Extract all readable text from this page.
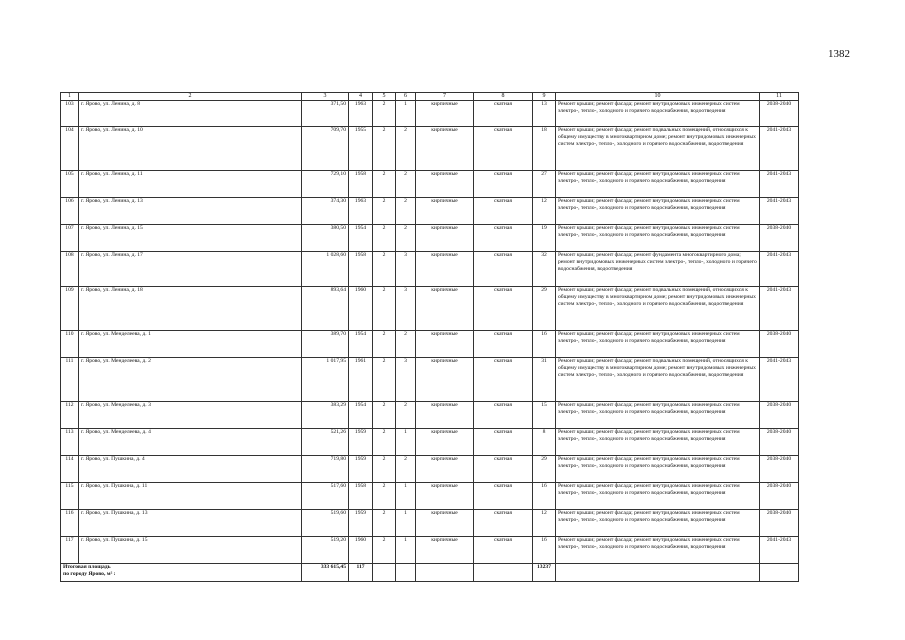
1382
1	2	3	4	5	6	7	8	9	10	11
103	г. Ярово, ул. Ленина, д. 8	371,50	1963	2	1	кирпичные	скатная	13	Ремонт крыши; ремонт фасада; ремонт внутридомовых инженерных систем электро-, тепло-, холодного и горячего водоснабжения, водоотведения	2038-2040
104	г. Ярово, ул. Ленина, д. 10	709,70	1955	2	2	кирпичные	скатная	18	Ремонт крыши; ремонт фасада; ремонт подвальных помещений, относящихся к общему имуществу в многоквартирном доме; ремонт внутридомовых инженерных систем электро-, тепло-, холодного и горячего водоснабжения, водоотведения	2041-2043
105	г. Ярово, ул. Ленина, д. 11	729,10	1958	2	2	кирпичные	скатная	27	Ремонт крыши; ремонт фасада; ремонт внутридомовых инженерных систем электро-, тепло-, холодного и горячего водоснабжения, водоотведения	2041-2043
106	г. Ярово, ул. Ленина, д. 13	374,30	1963	2	2	кирпичные	скатная	12	Ремонт крыши; ремонт фасада; ремонт внутридомовых инженерных систем электро-, тепло-, холодного и горячего водоснабжения, водоотведения	2041-2043
107	г. Ярово, ул. Ленина, д. 15	380,50	1954	2	2	кирпичные	скатная	19	Ремонт крыши; ремонт фасада; ремонт внутридомовых инженерных систем электро-, тепло-, холодного и горячего водоснабжения, водоотведения	2038-2040
108	г. Ярово, ул. Ленина, д. 17	1 028,60	1958	2	3	кирпичные	скатная	32	Ремонт крыши; ремонт фасада; ремонт фундамента многоквартирного дома; ремонт внутридомовых инженерных систем электро-, тепло-, холодного и горячего водоснабжения, водоотведения	2041-2043
109	г. Ярово, ул. Ленина, д. 18	893,64	1960	2	3	кирпичные	скатная	29	Ремонт крыши; ремонт фасада; ремонт подвальных помещений, относящихся к общему имуществу в многоквартирном доме; ремонт внутридомовых инженерных систем электро-, тепло-, холодного и горячего водоснабжения, водоотведения	2041-2043
110	г. Ярово, ул. Менделеева, д. 1	389,70	1954	2	2	кирпичные	скатная	16	Ремонт крыши; ремонт фасада; ремонт внутридомовых инженерных систем электро-, тепло-, холодного и горячего водоснабжения, водоотведения	2038-2040
111	г. Ярово, ул. Менделеева, д. 2	1 017,95	1961	2	3	кирпичные	скатная	31	Ремонт крыши; ремонт фасада; ремонт подвальных помещений, относящихся к общему имуществу в многоквартирном доме; ремонт внутридомовых инженерных систем электро-, тепло-, холодного и горячего водоснабжения, водоотведения	2041-2043
112	г. Ярово, ул. Менделеева, д. 3	383,29	1954	2	2	кирпичные	скатная	15	Ремонт крыши; ремонт фасада; ремонт внутридомовых инженерных систем электро-, тепло-, холодного и горячего водоснабжения, водоотведения	2038-2040
113	г. Ярово, ул. Менделеева, д. 4	521,26	1959	2	1	кирпичные	скатная	8	Ремонт крыши; ремонт фасада; ремонт внутридомовых инженерных систем электро-, тепло-, холодного и горячего водоснабжения, водоотведения	2038-2040
114	г. Ярово, ул. Пушкина, д. 4	719,80	1959	2	2	кирпичные	скатная	29	Ремонт крыши; ремонт фасада; ремонт внутридомовых инженерных систем электро-, тепло-, холодного и горячего водоснабжения, водоотведения	2038-2040
115	г. Ярово, ул. Пушкина, д. 11	517,60	1958	2	1	кирпичные	скатная	16	Ремонт крыши; ремонт фасада; ремонт внутридомовых инженерных систем электро-, тепло-, холодного и горячего водоснабжения, водоотведения	2038-2040
116	г. Ярово, ул. Пушкина, д. 13	519,60	1959	2	1	кирпичные	скатная	12	Ремонт крыши; ремонт фасада; ремонт внутридомовых инженерных систем электро-, тепло-, холодного и горячего водоснабжения, водоотведения	2038-2040
117	г. Ярово, ул. Пушкина, д. 15	519,20	1960	2	1	кирпичные	скатная	16	Ремонт крыши; ремонт фасада; ремонт внутридомовых инженерных систем электро-, тепло-, холодного и горячего водоснабжения, водоотведения	2041-2043

Итоговая площадь
по городу Ярово, м² :		333 615,45	117					13237		
